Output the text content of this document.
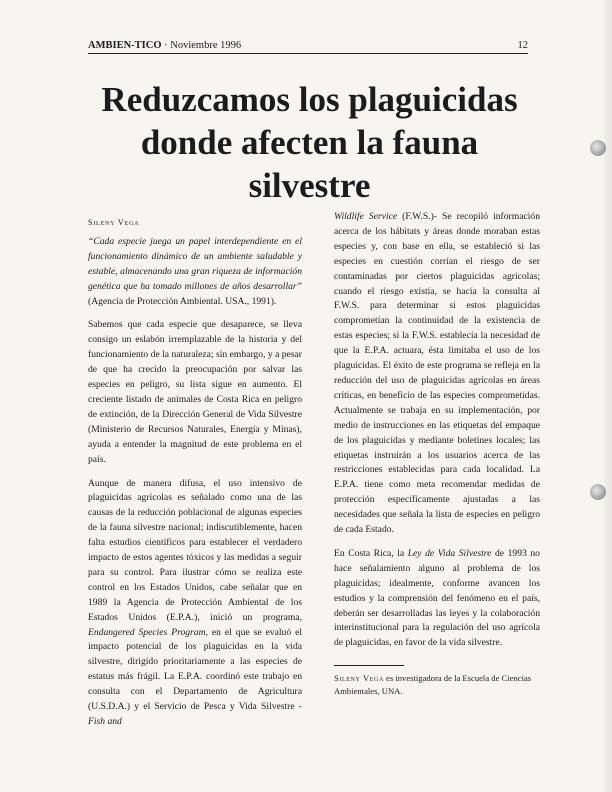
AMBIEN-TICO · Noviembre 1996	12
Reduzcamos los plaguicidas
donde afecten la fauna
silvestre
Sileny Vega

“Cada especie juega un papel interdependiente en el funcionamiento dinámico de un ambiente saludable y estable, almacenando una gran riqueza de información genética que ha tomado millones de años desarrollar” (Agencia de Protección Ambiental. USA., 1991).

Sabemos que cada especie que desaparece, se lleva consigo un eslabón irremplazable de la historia y del funcionamiento de la naturaleza; sin embargo, y a pesar de que ha crecido la preocupación por salvar las especies en peligro, su lista sigue en aumento. El creciente listado de animales de Costa Rica en peligro de extinción, de la Dirección General de Vida Silvestre (Ministerio de Recursos Naturales, Energía y Minas), ayuda a entender la magnitud de este problema en el país.

Aunque de manera difusa, el uso intensivo de plaguicidas agrícolas es señalado como una de las causas de la reducción poblacional de algunas especies de la fauna silvestre nacional; indiscutiblemente, hacen falta estudios científicos para establecer el verdadero impacto de estos agentes tóxicos y las medidas a seguir para su control. Para ilustrar cómo se realiza este control en los Estados Unidos, cabe señalar que en 1989 la Agencia de Protección Ambiental de los Estados Unidos (E.P.A.), inició un programa, Endangered Species Program, en el que se evaluó el impacto potencial de los plaguicidas en la vida silvestre, dirigido prioritariamente a las especies de estatus más frágil. La E.P.A. coordinó este trabajo en consulta con el Departamento de Agricultura (U.S.D.A.) y el Servicio de Pesca y Vida Silvestre -Fish and

Wildlife Service (F.W.S.)- Se recopiló información acerca de los hábitats y áreas donde moraban estas especies y, con base en ella, se estableció si las especies en cuestión corrían el riesgo de ser contaminadas por ciertos plaguicidas agrícolas; cuando el riesgo existía, se hacía la consulta al F.W.S. para determinar si estos plaguicidas comprometían la continuidad de la existencia de estas especies; si la F.W.S. establecía la necesidad de que la E.P.A. actuara, ésta limitaba el uso de los plaguicidas. El éxito de este programa se refleja en la reducción del uso de plaguicidas agrícolas en áreas críticas, en beneficio de las especies comprometidas. Actualmente se trabaja en su implementación, por medio de instrucciones en las etiquetas del empaque de los plaguicidas y mediante boletines locales; las etiquetas instruirán a los usuarios acerca de las restricciones establecidas para cada localidad. La E.P.A. tiene como meta recomendar medidas de protección específicamente ajustadas a las necesidades que señala la lista de especies en peligro de cada Estado.

En Costa Rica, la Ley de Vida Silvestre de 1993 no hace señalamiento alguno al problema de los plaguicidas; idealmente, conforme avancen los estudios y la comprensión del fenómeno en el país, deberán ser desarrolladas las leyes y la colaboración interinstitucional para la regulación del uso agrícola de plaguicidas, en favor de la vida silvestre.

Sileny Vega es investigadora de la Escuela de Ciencias Ambientales, UNA.
